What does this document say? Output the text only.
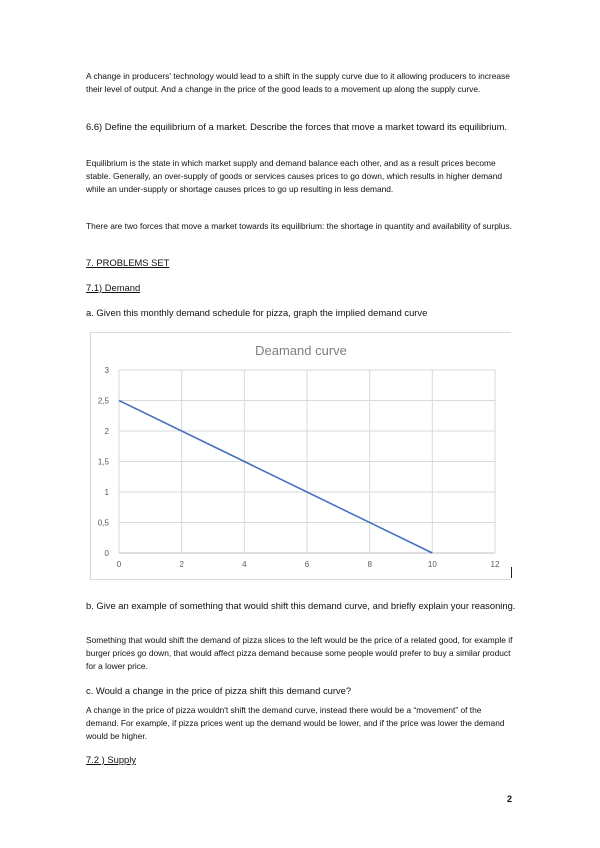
A change in producers' technology would lead to a shift in the supply curve due to it allowing producers to increase their level of output. And a change in the price of the good leads to a movement up along the supply curve.

6.6) Define the equilibrium of a market. Describe the forces that move a market toward its equilibrium.

Equilibrium is the state in which market supply and demand balance each other, and as a result prices become stable. Generally, an over-supply of goods or services causes prices to go down, which results in higher demand while an under-supply or shortage causes prices to go up resulting in less demand.

There are two forces that move a market towards its equilibrium: the shortage in quantity and availability of surplus.

7. PROBLEMS SET

7.1) Demand

a. Given this monthly demand schedule for pizza, graph the implied demand curve

0
0,5
1
1,5
2
2,5
3
0	2	4	6	8	10	12
Deamand curve

b. Give an example of something that would shift this demand curve, and briefly explain your reasoning.

Something that would shift the demand of pizza slices to the left would be the price of a related good, for example if burger prices go down, that would affect pizza demand because some people would prefer to buy a similar product for a lower price.

c. Would a change in the price of pizza shift this demand curve?

A change in the price of pizza wouldn't shift the demand curve, instead there would be a “movement” of the demand. For example, if pizza prices went up the demand would be lower, and if the price was lower the demand would be higher.

7.2 ) Supply

2
